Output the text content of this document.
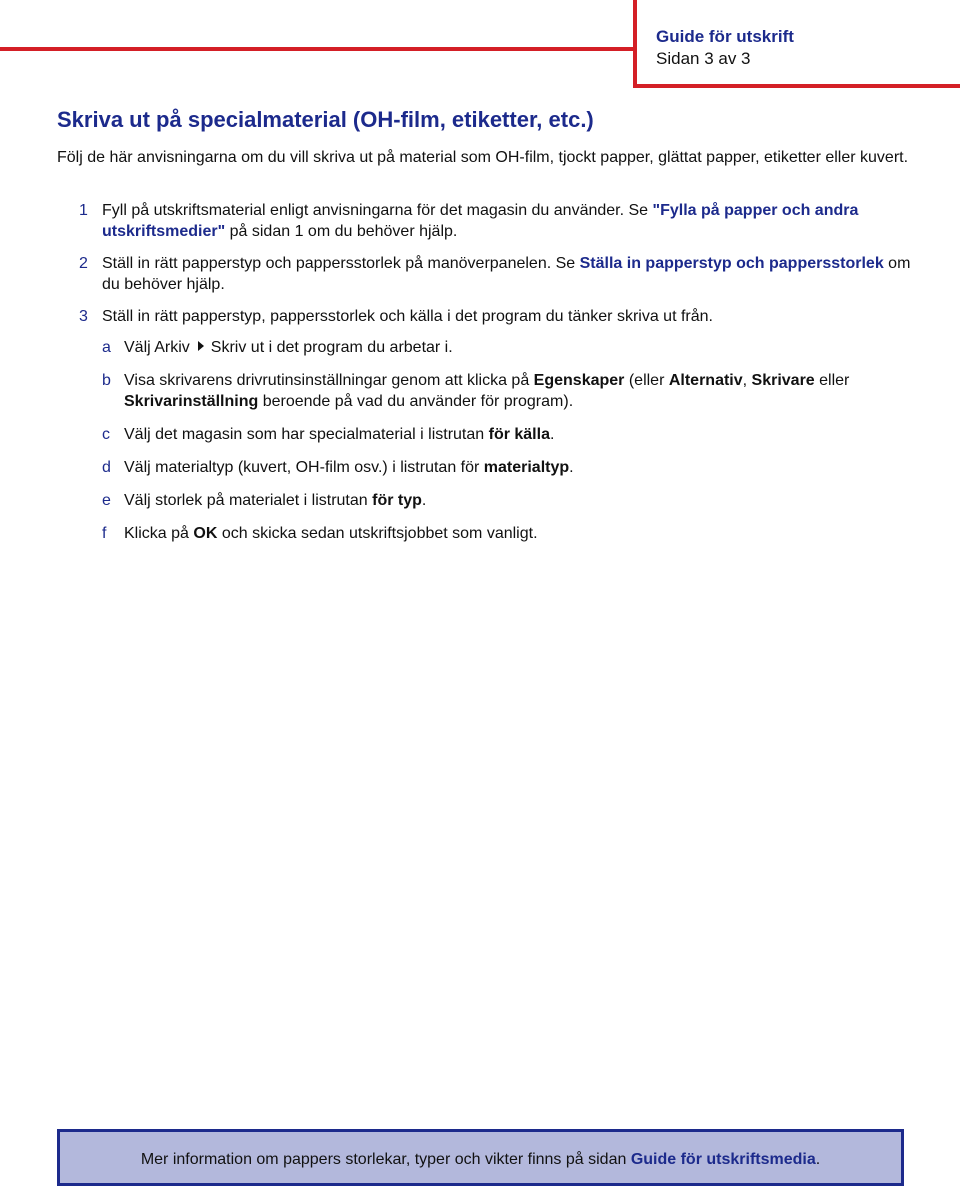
Guide för utskrift
Sidan 3 av 3
Skriva ut på specialmaterial (OH-film, etiketter, etc.)

Följ de här anvisningarna om du vill skriva ut på material som OH-film, tjockt papper, glättat papper, etiketter eller kuvert.

1 Fyll på utskriftsmaterial enligt anvisningarna för det magasin du använder. Se "Fylla på papper och andra utskriftsmedier" på sidan 1 om du behöver hjälp.
2 Ställ in rätt papperstyp och pappersstorlek på manöverpanelen. Se Ställa in papperstyp och pappersstorlek om du behöver hjälp.
3 Ställ in rätt papperstyp, pappersstorlek och källa i det program du tänker skriva ut från.
a Välj Arkiv Skriv ut i det program du arbetar i.
b Visa skrivarens drivrutinsinställningar genom att klicka på Egenskaper (eller Alternativ, Skrivare eller Skrivarinställning beroende på vad du använder för program).
c Välj det magasin som har specialmaterial i listrutan för källa.
d Välj materialtyp (kuvert, OH-film osv.) i listrutan för materialtyp.
e Välj storlek på materialet i listrutan för typ.
f Klicka på OK och skicka sedan utskriftsjobbet som vanligt.
Mer information om pappers storlekar, typer och vikter finns på sidan Guide för utskriftsmedia.
